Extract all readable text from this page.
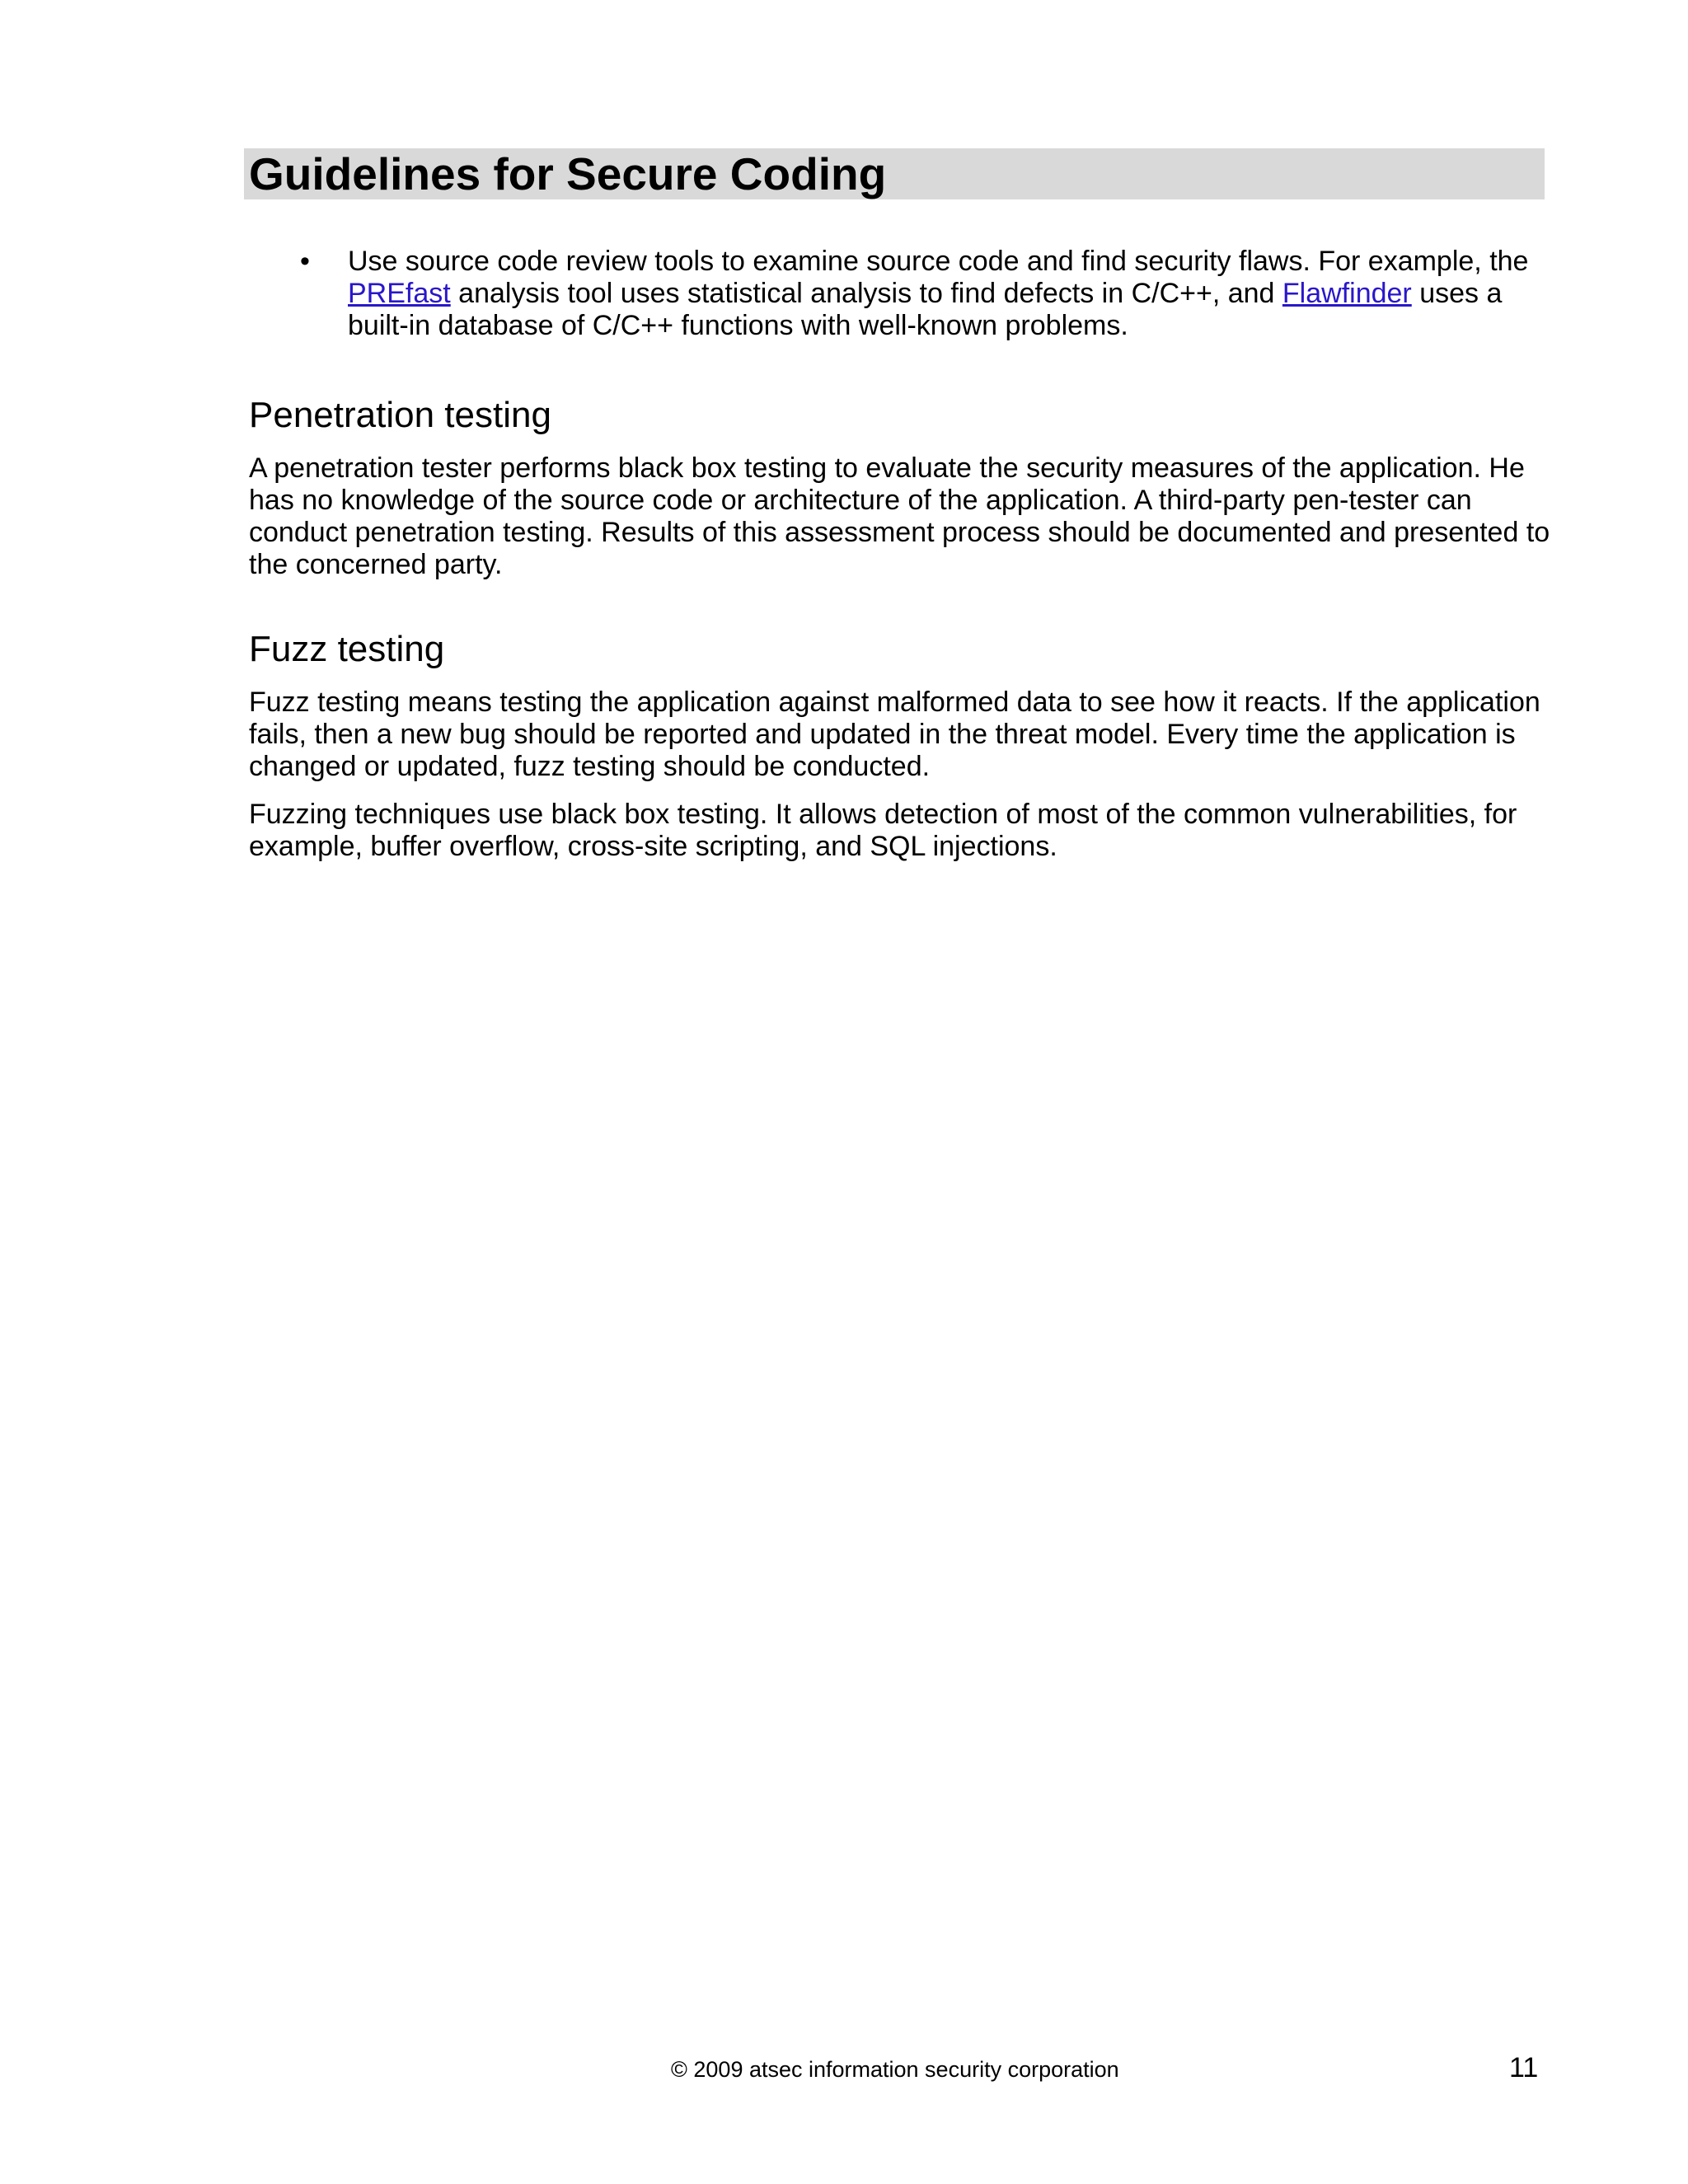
Guidelines for Secure Coding
• Use source code review tools to examine source code and find security flaws. For example, the PREfast analysis tool uses statistical analysis to find defects in C/C++, and Flawfinder uses a built-in database of C/C++ functions with well-known problems.
Penetration testing

A penetration tester performs black box testing to evaluate the security measures of the application. He has no knowledge of the source code or architecture of the application. A third-party pen-tester can conduct penetration testing. Results of this assessment process should be documented and presented to the concerned party.

Fuzz testing

Fuzz testing means testing the application against malformed data to see how it reacts. If the application fails, then a new bug should be reported and updated in the threat model. Every time the application is changed or updated, fuzz testing should be conducted.

Fuzzing techniques use black box testing. It allows detection of most of the common vulnerabilities, for example, buffer overflow, cross-site scripting, and SQL injections.

© 2009 atsec information security corporation	11
